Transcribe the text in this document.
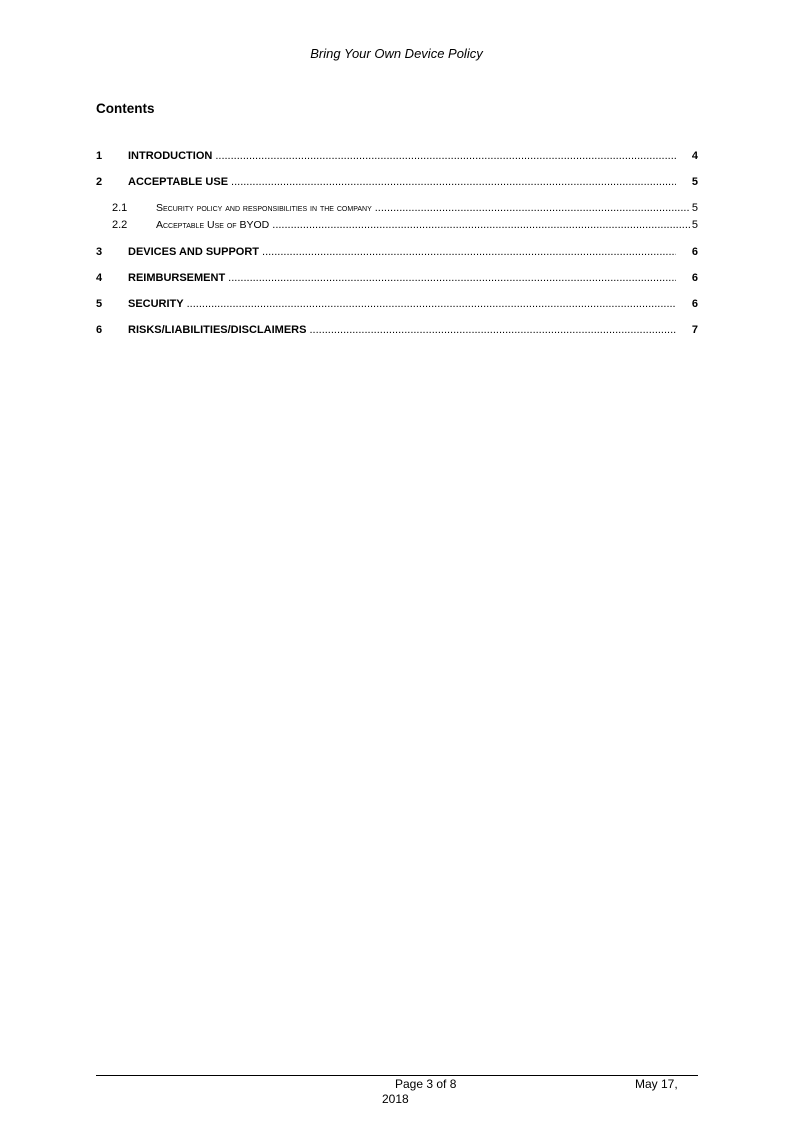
Bring Your Own Device Policy
Contents
1 INTRODUCTION .....	4
2 ACCEPTABLE USE .....	5
2.1	Security policy and responsibilities in the company .....	5
2.2	Acceptable Use of BYOD .....	5
3 DEVICES AND SUPPORT .....	6
4 REIMBURSEMENT .....	6
5 SECURITY .....	6
6 RISKS/LIABILITIES/DISCLAIMERS .....	7
Page 3 of 8	May 17,
2018
